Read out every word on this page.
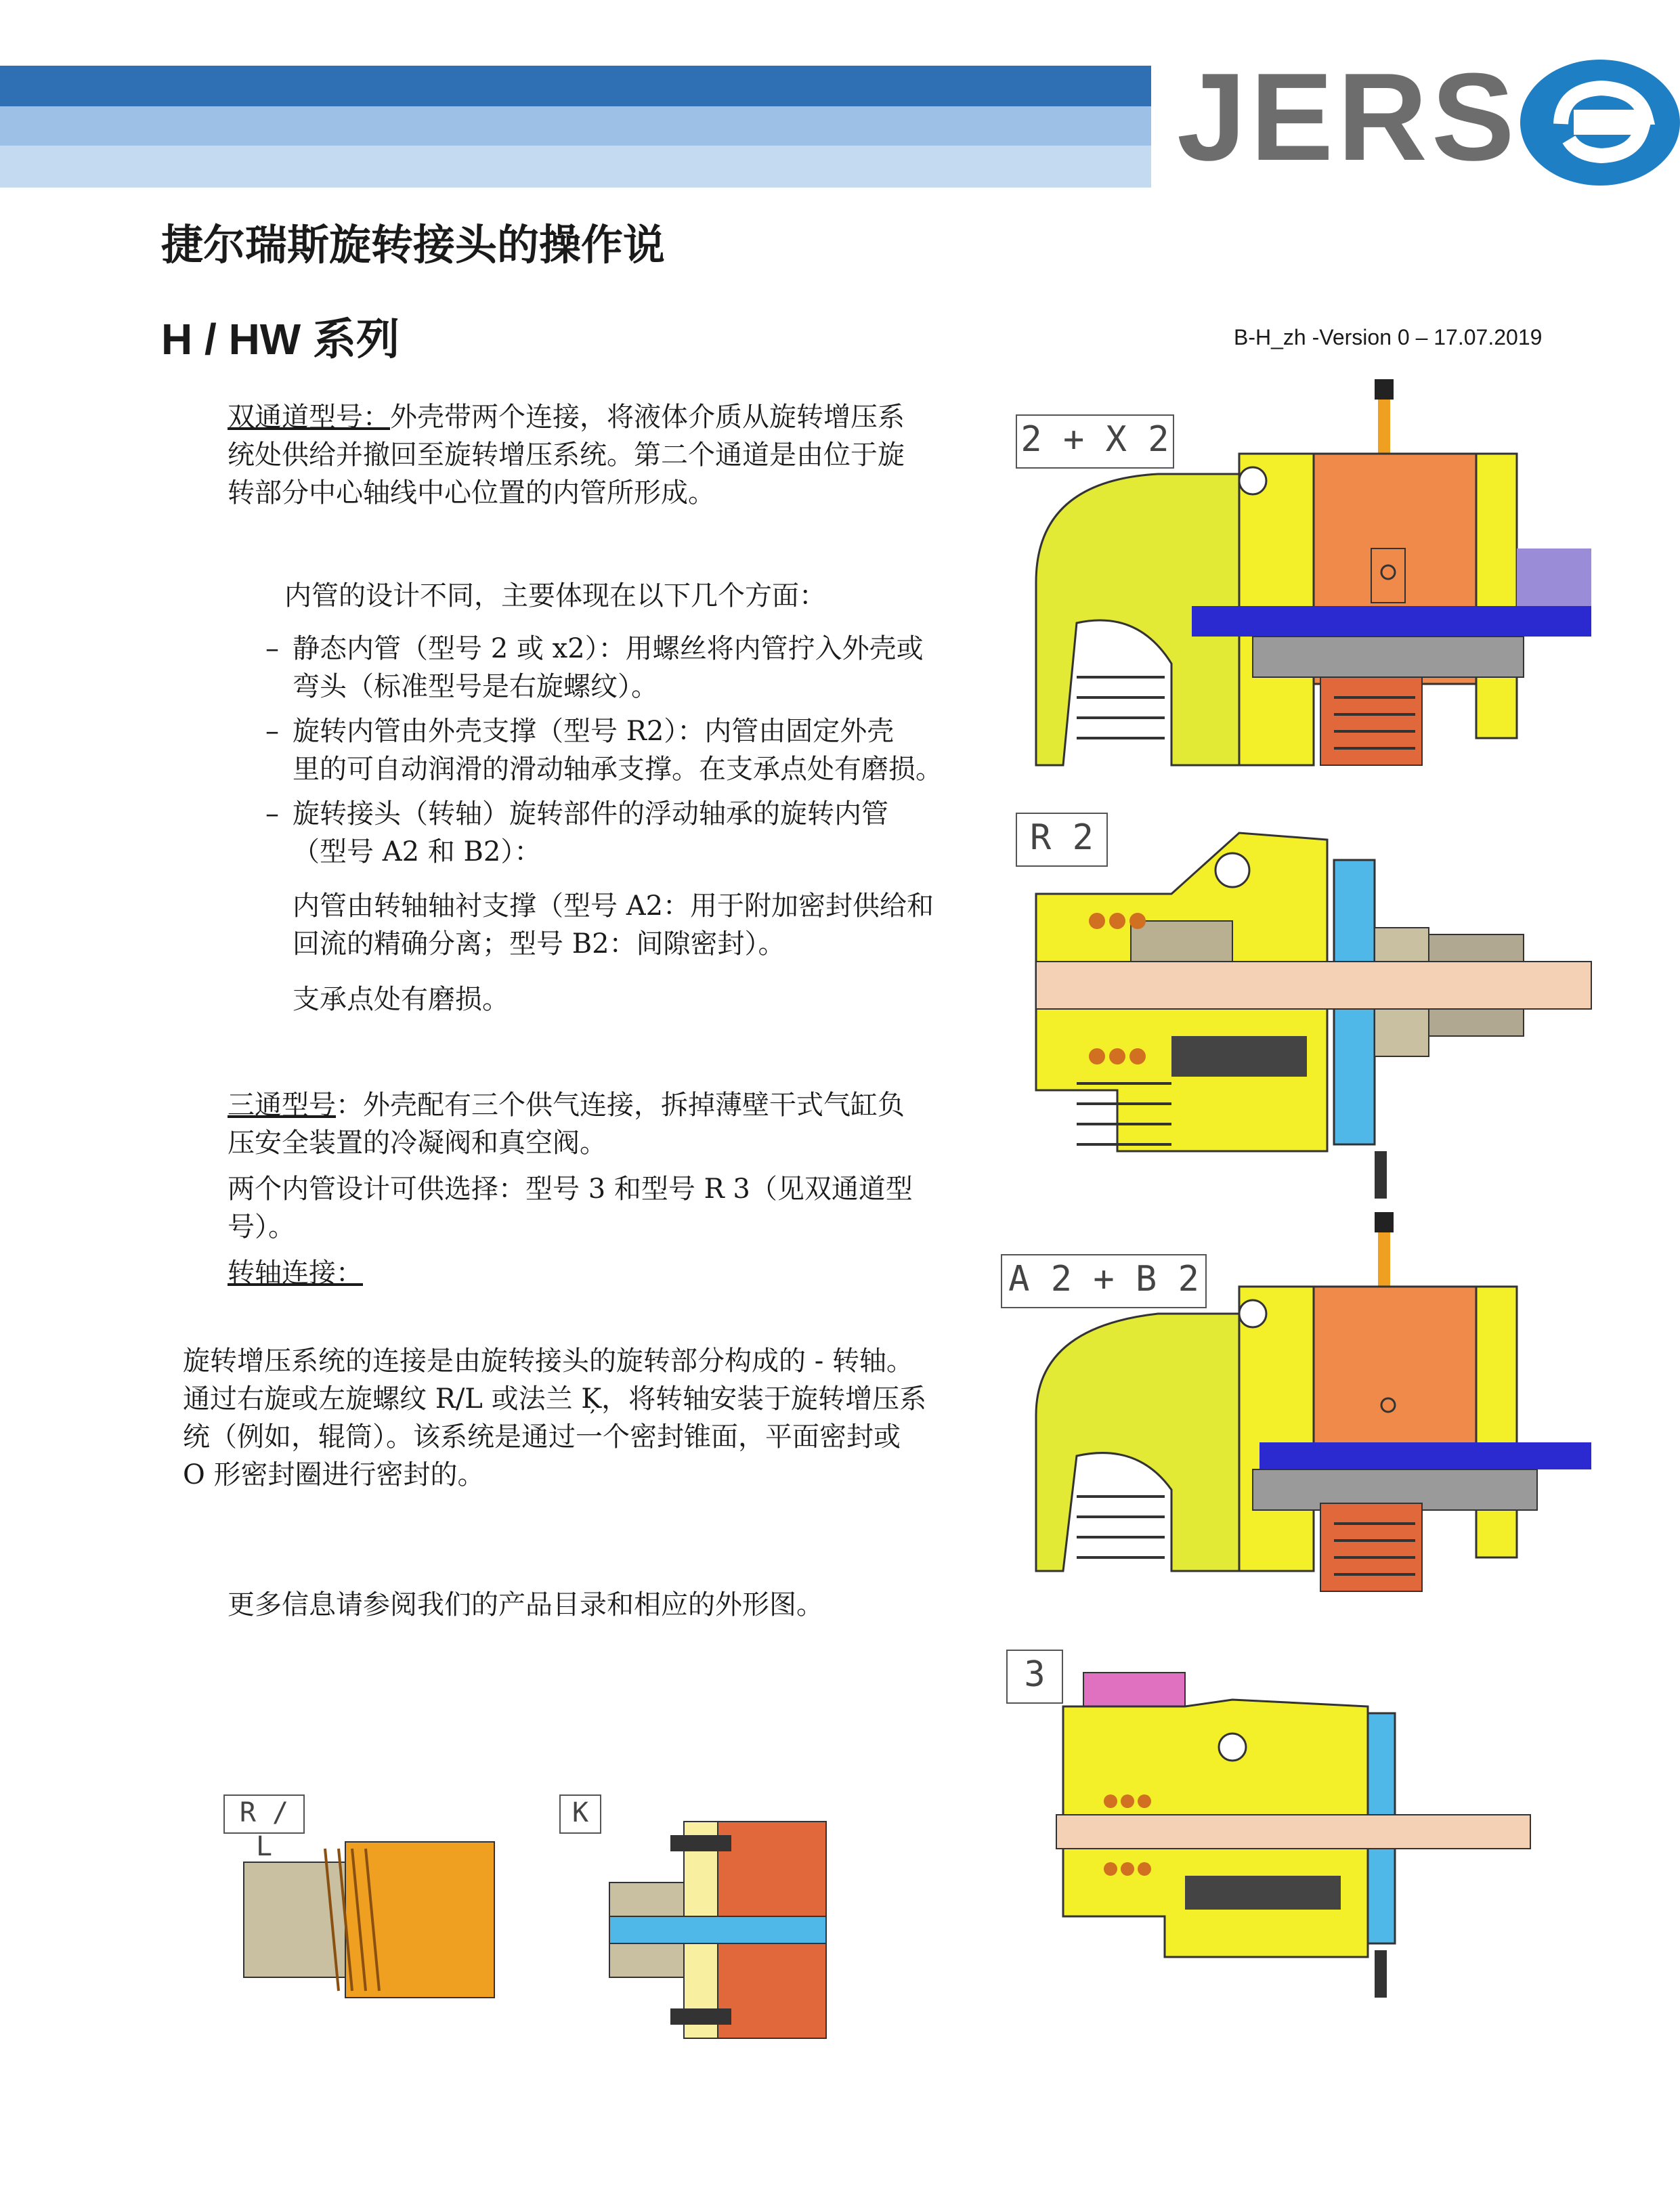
JERS
捷尔瑞斯旋转接头的操作说
H / HW 系列	B-H_zh -Version 0 – 17.07.2019
双通道型号：外壳带两个连接，将液体介质从旋转增压系
统处供给并撤回至旋转增压系统。第二个通道是由位于旋
转部分中心轴线中心位置的内管所形成。
内管的设计不同，主要体现在以下几个方面：
– 静态内管（型号 2 或 x2）：用螺丝将内管拧入外壳或
弯头（标准型号是右旋螺纹）。
– 旋转内管由外壳支撑（型号 R2）：内管由固定外壳
里的可自动润滑的滑动轴承支撑。在支承点处有磨损。
– 旋转接头（转轴）旋转部件的浮动轴承的旋转内管
（型号 A2 和 B2）：
内管由转轴轴衬支撑（型号 A2：用于附加密封供给和
回流的精确分离；型号 B2：间隙密封）。
支承点处有磨损。
三通型号：外壳配有三个供气连接，拆掉薄壁干式气缸负
压安全装置的冷凝阀和真空阀。
两个内管设计可供选择：型号 3 和型号 R 3（见双通道型
号）。
转轴连接：
旋转增压系统的连接是由旋转接头的旋转部分构成的 - 转轴。
通过右旋或左旋螺纹 R/L 或法兰 Ķ，将转轴安装于旋转增压系
统（例如，辊筒）。该系统是通过一个密封锥面，平面密封或
O 形密封圈进行密封的。
更多信息请参阅我们的产品目录和相应的外形图。
2 + X 2
R 2
A 2 + B 2
3
R / L
K
